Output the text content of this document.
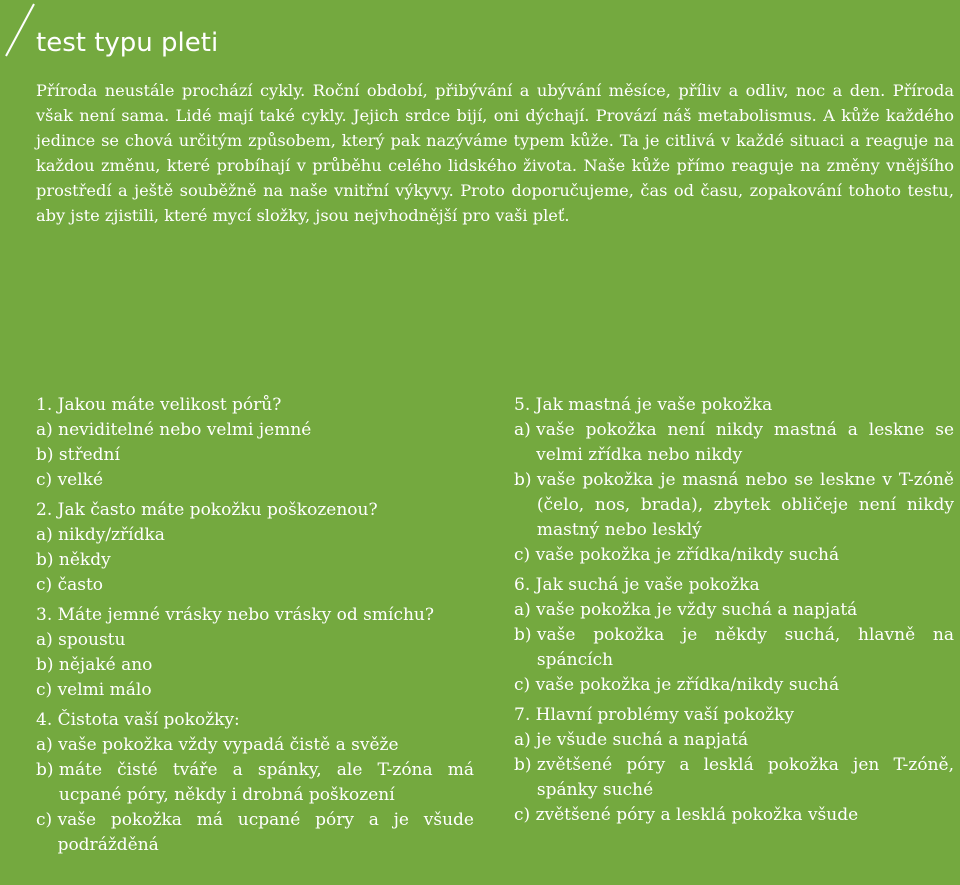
test typu pleti

Příroda neustále prochází cykly. Roční období, přibývání a ubývání měsíce, příliv a odliv, noc a den. Příroda však není sama. Lidé mají také cykly. Jejich srdce bijí, oni dýchají. Provází náš metabolismus. A kůže každého jedince se chová určitým způsobem, který pak nazýváme typem kůže. Ta je citlivá v každé situaci a reaguje na každou změnu, které probíhají v průběhu celého lidského života. Naše kůže přímo reaguje na změny vnějšího prostředí a ještě souběžně na naše vnitřní výkyvy. Proto doporučujeme, čas od času, zopakování tohoto testu, aby jste zjistili, které mycí složky, jsou nejvhodnější pro vaši pleť.

1. Jakou máte velikost pórů?
a) neviditelné nebo velmi jemné
b) střední
c) velké
2. Jak často máte pokožku poškozenou?
a) nikdy/zřídka
b) někdy
c) často
3. Máte jemné vrásky nebo vrásky od smíchu?
a) spoustu
b) nějaké ano
c) velmi málo
4. Čistota vaší pokožky:
a) vaše pokožka vždy vypadá čistě a svěže
b) máte čisté tváře a spánky, ale T-zóna má ucpané póry, někdy i drobná poškození
c) vaše pokožka má ucpané póry a je všude podrážděná
5. Jak mastná je vaše pokožka
a) vaše pokožka není nikdy mastná a leskne se velmi zřídka nebo nikdy
b) vaše pokožka je masná nebo se leskne v T-zóně (čelo, nos, brada), zbytek obličeje není nikdy mastný nebo lesklý
c) vaše pokožka je zřídka/nikdy suchá
6. Jak suchá je vaše pokožka
a) vaše pokožka je vždy suchá a napjatá
b) vaše pokožka je někdy suchá, hlavně na spáncích
c) vaše pokožka je zřídka/nikdy suchá
7. Hlavní problémy vaší pokožky
a) je všude suchá a napjatá
b) zvětšené póry a lesklá pokožka jen T-zóně, spánky suché
c) zvětšené póry a lesklá pokožka všude
